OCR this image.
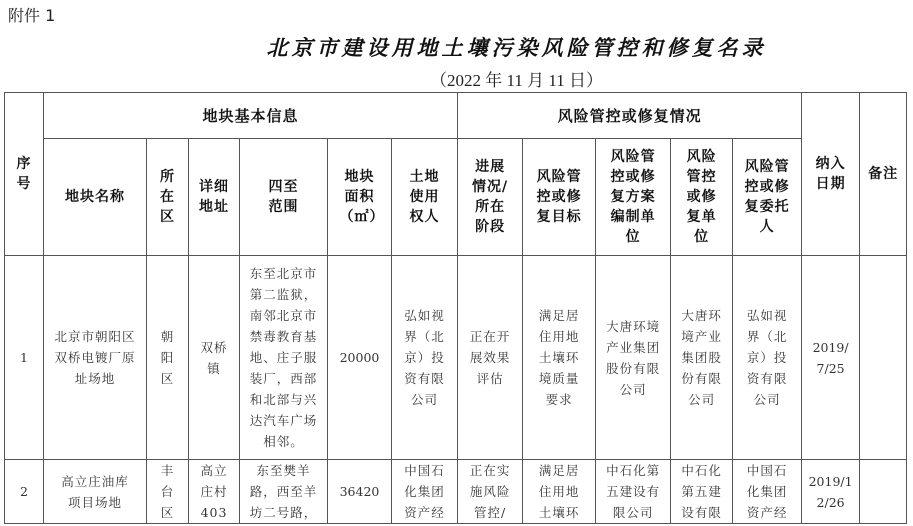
附件 1
北京市建设用地土壤污染风险管控和修复名录
（2022 年 11 月 11 日）
序号	地块基本信息						风险管控或修复情况					纳入日期	备注
	地块名称	所在区	详细地址	四至范围	地块面积（㎡）	土地使用权人	进展情况/所在阶段	风险管控或修复目标	风险管控或修复方案编制单位	风险管控或修复单位	风险管控或修复委托人		
1	北京市朝阳区双桥电镀厂原址场地	朝阳区	双桥镇	东至北京市第二监狱，南邻北京市禁毒教育基地、庄子服装厂，西部和北部与兴达汽车广场相邻。	20000	弘如视界（北京）投资有限公司	正在开展效果评估	满足居住用地土壤环境质量要求	大唐环境产业集团股份有限公司	大唐环境产业集团股份有限公司	弘如视界（北京）投资有限公司	2019/7/25	
2	高立庄油库项目场地	丰台区	高立庄村403	东至樊羊路，西至羊坊二号路，	36420	中国石化集团资产经	正在实施风险管控/	满足居住用地土壤环	中石化第五建设有限公司	中石化第五建设有限	中国石化集团资产经	2019/12/26	
